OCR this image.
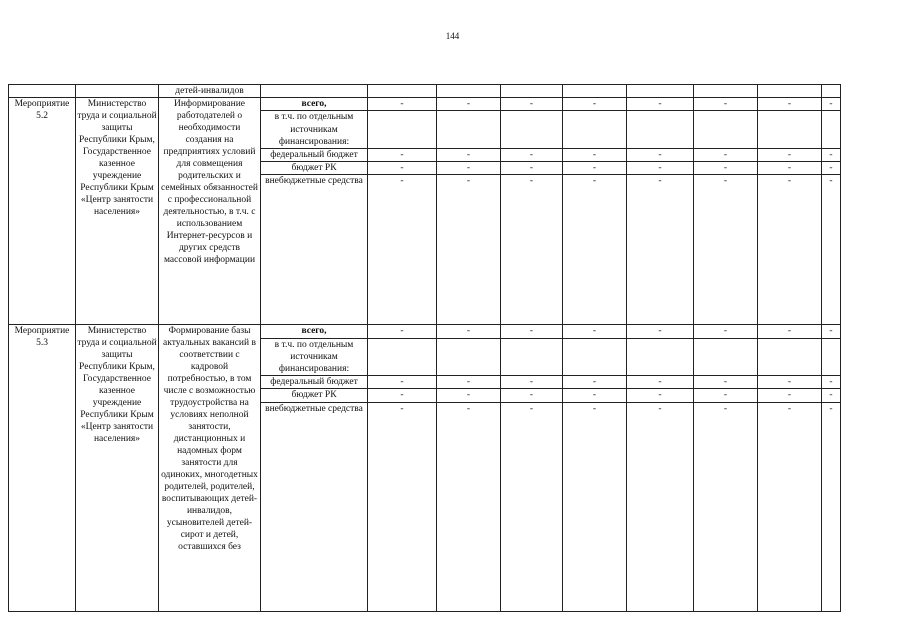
144
		детей-инвалидов									
Мероприятие 5.2	Министерство труда и социальной защиты Республики Крым, Государственное казенное учреждение Республики Крым «Центр занятости населения»	Информирование работодателей о необходимости создания на предприятиях условий для совмещения родительских и семейных обязанностей с профессиональной деятельностью, в т.ч. с использованием Интернет-ресурсов и других средств массовой информации	всего,	-	-	-	-	-	-	-	-
			в т.ч. по отдельным источникам финансирования:								
			федеральный бюджет	-	-	-	-	-	-	-	-
			бюджет РК	-	-	-	-	-	-	-	-
			внебюджетные средства	-	-	-	-	-	-	-	-
Мероприятие 5.3	Министерство труда и социальной защиты Республики Крым, Государственное казенное учреждение Республики Крым «Центр занятости населения»	Формирование базы актуальных вакансий в соответствии с кадровой потребностью, в том числе с возможностью трудоустройства на условиях неполной занятости, дистанционных и надомных форм занятости для одиноких, многодетных родителей, родителей, воспитывающих детей-инвалидов, усыновителей детей-сирот и детей, оставшихся без	всего,	-	-	-	-	-	-	-	-
			в т.ч. по отдельным источникам финансирования:								
			федеральный бюджет	-	-	-	-	-	-	-	-
			бюджет РК	-	-	-	-	-	-	-	-
			внебюджетные средства	-	-	-	-	-	-	-	-
